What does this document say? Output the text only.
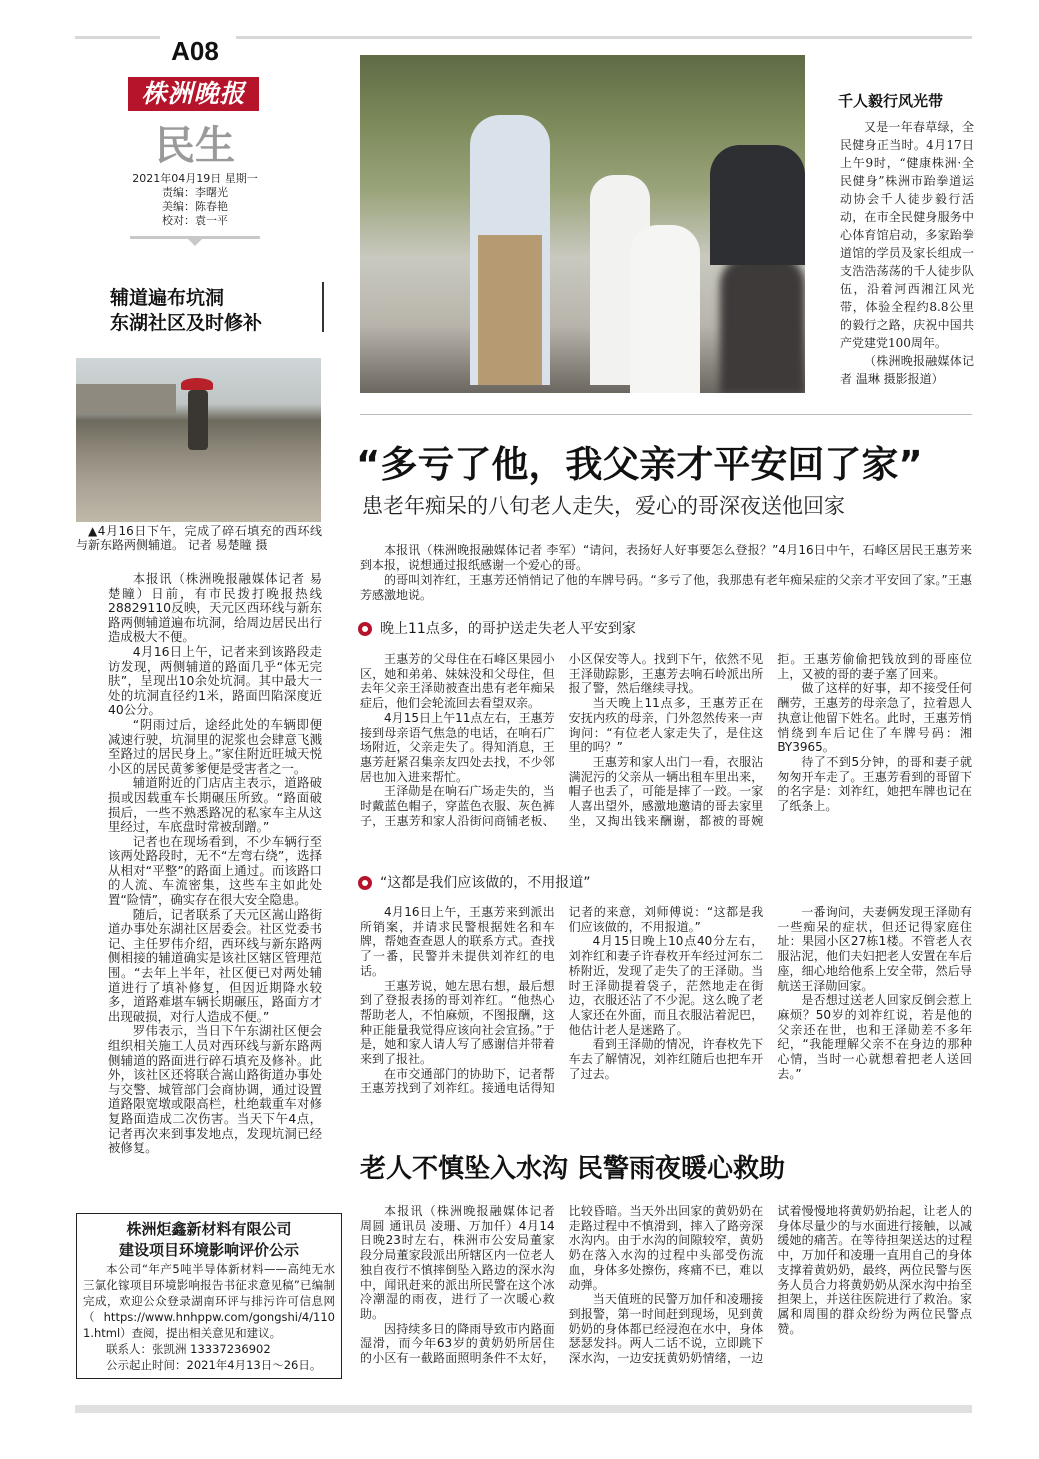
A08
株洲晚报
民生
2021年04月19日 星期一
责编：李曙光
美编：陈春艳
校对：袁一平
辅道遍布坑洞
东湖社区及时修补
▲4月16日下午，完成了碎石填充的西环线与新东路两侧辅道。 记者 易楚瞳 摄

本报讯（株洲晚报融媒体记者 易楚瞳）日前，有市民拨打晚报热线28829110反映，天元区西环线与新东路两侧辅道遍布坑洞，给周边居民出行造成极大不便。

4月16日上午，记者来到该路段走访发现，两侧辅道的路面几乎“体无完肤”，呈现出10余处坑洞。其中最大一处的坑洞直径约1米，路面凹陷深度近40公分。

“阴雨过后，途经此处的车辆即便减速行驶，坑洞里的泥浆也会肆意飞溅至路过的居民身上。”家住附近旺城天悦小区的居民黄爹爹便是受害者之一。

辅道附近的门店店主表示，道路破损或因载重车长期碾压所致。“路面破损后，一些不熟悉路况的私家车主从这里经过，车底盘时常被刮蹭。”

记者也在现场看到，不少车辆行至该两处路段时，无不“左弯右绕”，选择从相对“平整”的路面上通过。而该路口的人流、车流密集，这些车主如此处置“险情”，确实存在很大安全隐患。

随后，记者联系了天元区嵩山路街道办事处东湖社区居委会。社区党委书记、主任罗伟介绍，西环线与新东路两侧相接的辅道确实是该社区辖区管理范围。“去年上半年，社区便已对两处辅道进行了填补修复，但因近期降水较多，道路难堪车辆长期碾压，路面方才出现破损，对行人造成不便。”

罗伟表示，当日下午东湖社区便会组织相关施工人员对西环线与新东路两侧辅道的路面进行碎石填充及修补。此外，该社区还将联合嵩山路街道办事处与交警、城管部门会商协调，通过设置道路限宽墩或限高栏，杜绝载重车对修复路面造成二次伤害。当天下午4点，记者再次来到事发地点，发现坑洞已经被修复。

株洲炬鑫新材料有限公司
建设项目环境影响评价公示

本公司“年产5吨半导体新材料——高纯无水三氯化镓项目环境影响报告书征求意见稿”已编制完成，欢迎公众登录湖南环评与排污许可信息网（https://www.hnhppw.com/gongshi/4/1101.html）查阅，提出相关意见和建议。

联系人：张凯洲 13337236902

公示起止时间：2021年4月13日～26日。

千人毅行风光带

又是一年春草绿，全民健身正当时。4月17日上午9时，“健康株洲·全民健身”株洲市跆拳道运动协会千人徒步毅行活动，在市全民健身服务中心体育馆启动，多家跆拳道馆的学员及家长组成一支浩浩荡荡的千人徒步队伍，沿着河西湘江风光带，体验全程约8.8公里的毅行之路，庆祝中国共产党建党100周年。

（株洲晚报融媒体记者 温琳 摄影报道）

“多亏了他，我父亲才平安回了家”
患老年痴呆的八旬老人走失，爱心的哥深夜送他回家

本报讯（株洲晚报融媒体记者 李军）“请问，表扬好人好事要怎么登报？”4月16日中午，石峰区居民王惠芳来到本报，说想通过报纸感谢一个爱心的哥。

的哥叫刘祚红，王惠芳还悄悄记了他的车牌号码。“多亏了他，我那患有老年痴呆症的父亲才平安回了家。”王惠芳感激地说。

晚上11点多，的哥护送走失老人平安到家

王惠芳的父母住在石峰区果园小区，她和弟弟、妹妹没和父母住，但去年父亲王泽勋被查出患有老年痴呆症后，他们会轮流回去看望双亲。

4月15日上午11点左右，王惠芳接到母亲语气焦急的电话，在响石广场附近，父亲走失了。得知消息，王惠芳赶紧召集亲友四处去找，不少邻居也加入进来帮忙。

王泽勋是在响石广场走失的，当时戴蓝色帽子，穿蓝色衣服、灰色裤子，王惠芳和家人沿街问商铺老板、小区保安等人。找到下午，依然不见王泽勋踪影，王惠芳去响石岭派出所报了警，然后继续寻找。

当天晚上11点多，王惠芳正在安抚内疚的母亲，门外忽然传来一声询问：“有位老人家走失了，是住这里的吗？”

王惠芳和家人出门一看，衣服沾满泥污的父亲从一辆出租车里出来，帽子也丢了，可能是摔了一跤。一家人喜出望外，感激地邀请的哥去家里坐，又掏出钱来酬谢，都被的哥婉拒。王惠芳偷偷把钱放到的哥座位上，又被的哥的妻子塞了回来。

做了这样的好事，却不接受任何酬劳，王惠芳的母亲急了，拉着恩人执意让他留下姓名。此时，王惠芳悄悄绕到车后记住了车牌号码：湘BY3965。

待了不到5分钟，的哥和妻子就匆匆开车走了。王惠芳看到的哥留下的名字是：刘祚红，她把车牌也记在了纸条上。

“这都是我们应该做的，不用报道”

4月16日上午，王惠芳来到派出所销案，并请求民警根据姓名和车牌，帮她查查恩人的联系方式。查找了一番，民警并未提供刘祚红的电话。

王惠芳说，她左思右想，最后想到了登报表扬的哥刘祚红。“他热心帮助老人，不怕麻烦，不图报酬，这种正能量我觉得应该向社会宣扬。”于是，她和家人请人写了感谢信并带着来到了报社。

在市交通部门的协助下，记者帮王惠芳找到了刘祚红。接通电话得知记者的来意，刘师傅说：“这都是我们应该做的，不用报道。”

4月15日晚上10点40分左右，刘祚红和妻子许春枚开车经过河东二桥附近，发现了走失了的王泽勋。当时王泽勋提着袋子，茫然地走在街边，衣服还沾了不少泥。这么晚了老人家还在外面，而且衣服沾着泥巴，他估计老人是迷路了。

看到王泽勋的情况，许春枚先下车去了解情况，刘祚红随后也把车开了过去。

一番询问，夫妻俩发现王泽勋有一些痴呆的症状，但还记得家庭住址：果园小区27栋1楼。不管老人衣服沾泥，他们夫妇把老人安置在车后座，细心地给他系上安全带，然后导航送王泽勋回家。

是否想过送老人回家反倒会惹上麻烦？50岁的刘祚红说，若是他的父亲还在世，也和王泽勋差不多年纪，“我能理解父亲不在身边的那种心情，当时一心就想着把老人送回去。”

老人不慎坠入水沟 民警雨夜暖心救助

本报讯（株洲晚报融媒体记者 周圆 通讯员 凌珊、万加仟）4月14日晚23时左右，株洲市公安局董家段分局董家段派出所辖区内一位老人独自夜行不慎摔倒坠入路边的深水沟中，闻讯赶来的派出所民警在这个冰冷潮湿的雨夜，进行了一次暖心救助。

因持续多日的降雨导致市内路面湿滑，而今年63岁的黄奶奶所居住的小区有一截路面照明条件不太好，比较昏暗。当天外出回家的黄奶奶在走路过程中不慎滑到，摔入了路旁深水沟内。由于水沟的间隙较窄，黄奶奶在落入水沟的过程中头部受伤流血，身体多处擦伤，疼痛不已，难以动弹。

当天值班的民警万加仟和凌珊接到报警，第一时间赶到现场，见到黄奶奶的身体都已经浸泡在水中，身体瑟瑟发抖。两人二话不说，立即跳下深水沟，一边安抚黄奶奶情绪，一边试着慢慢地将黄奶奶抬起，让老人的身体尽量少的与水面进行接触，以减缓她的痛苦。在等待担架送达的过程中，万加仟和凌珊一直用自己的身体支撑着黄奶奶，最终，两位民警与医务人员合力将黄奶奶从深水沟中抬至担架上，并送往医院进行了救治。家属和周围的群众纷纷为两位民警点赞。
